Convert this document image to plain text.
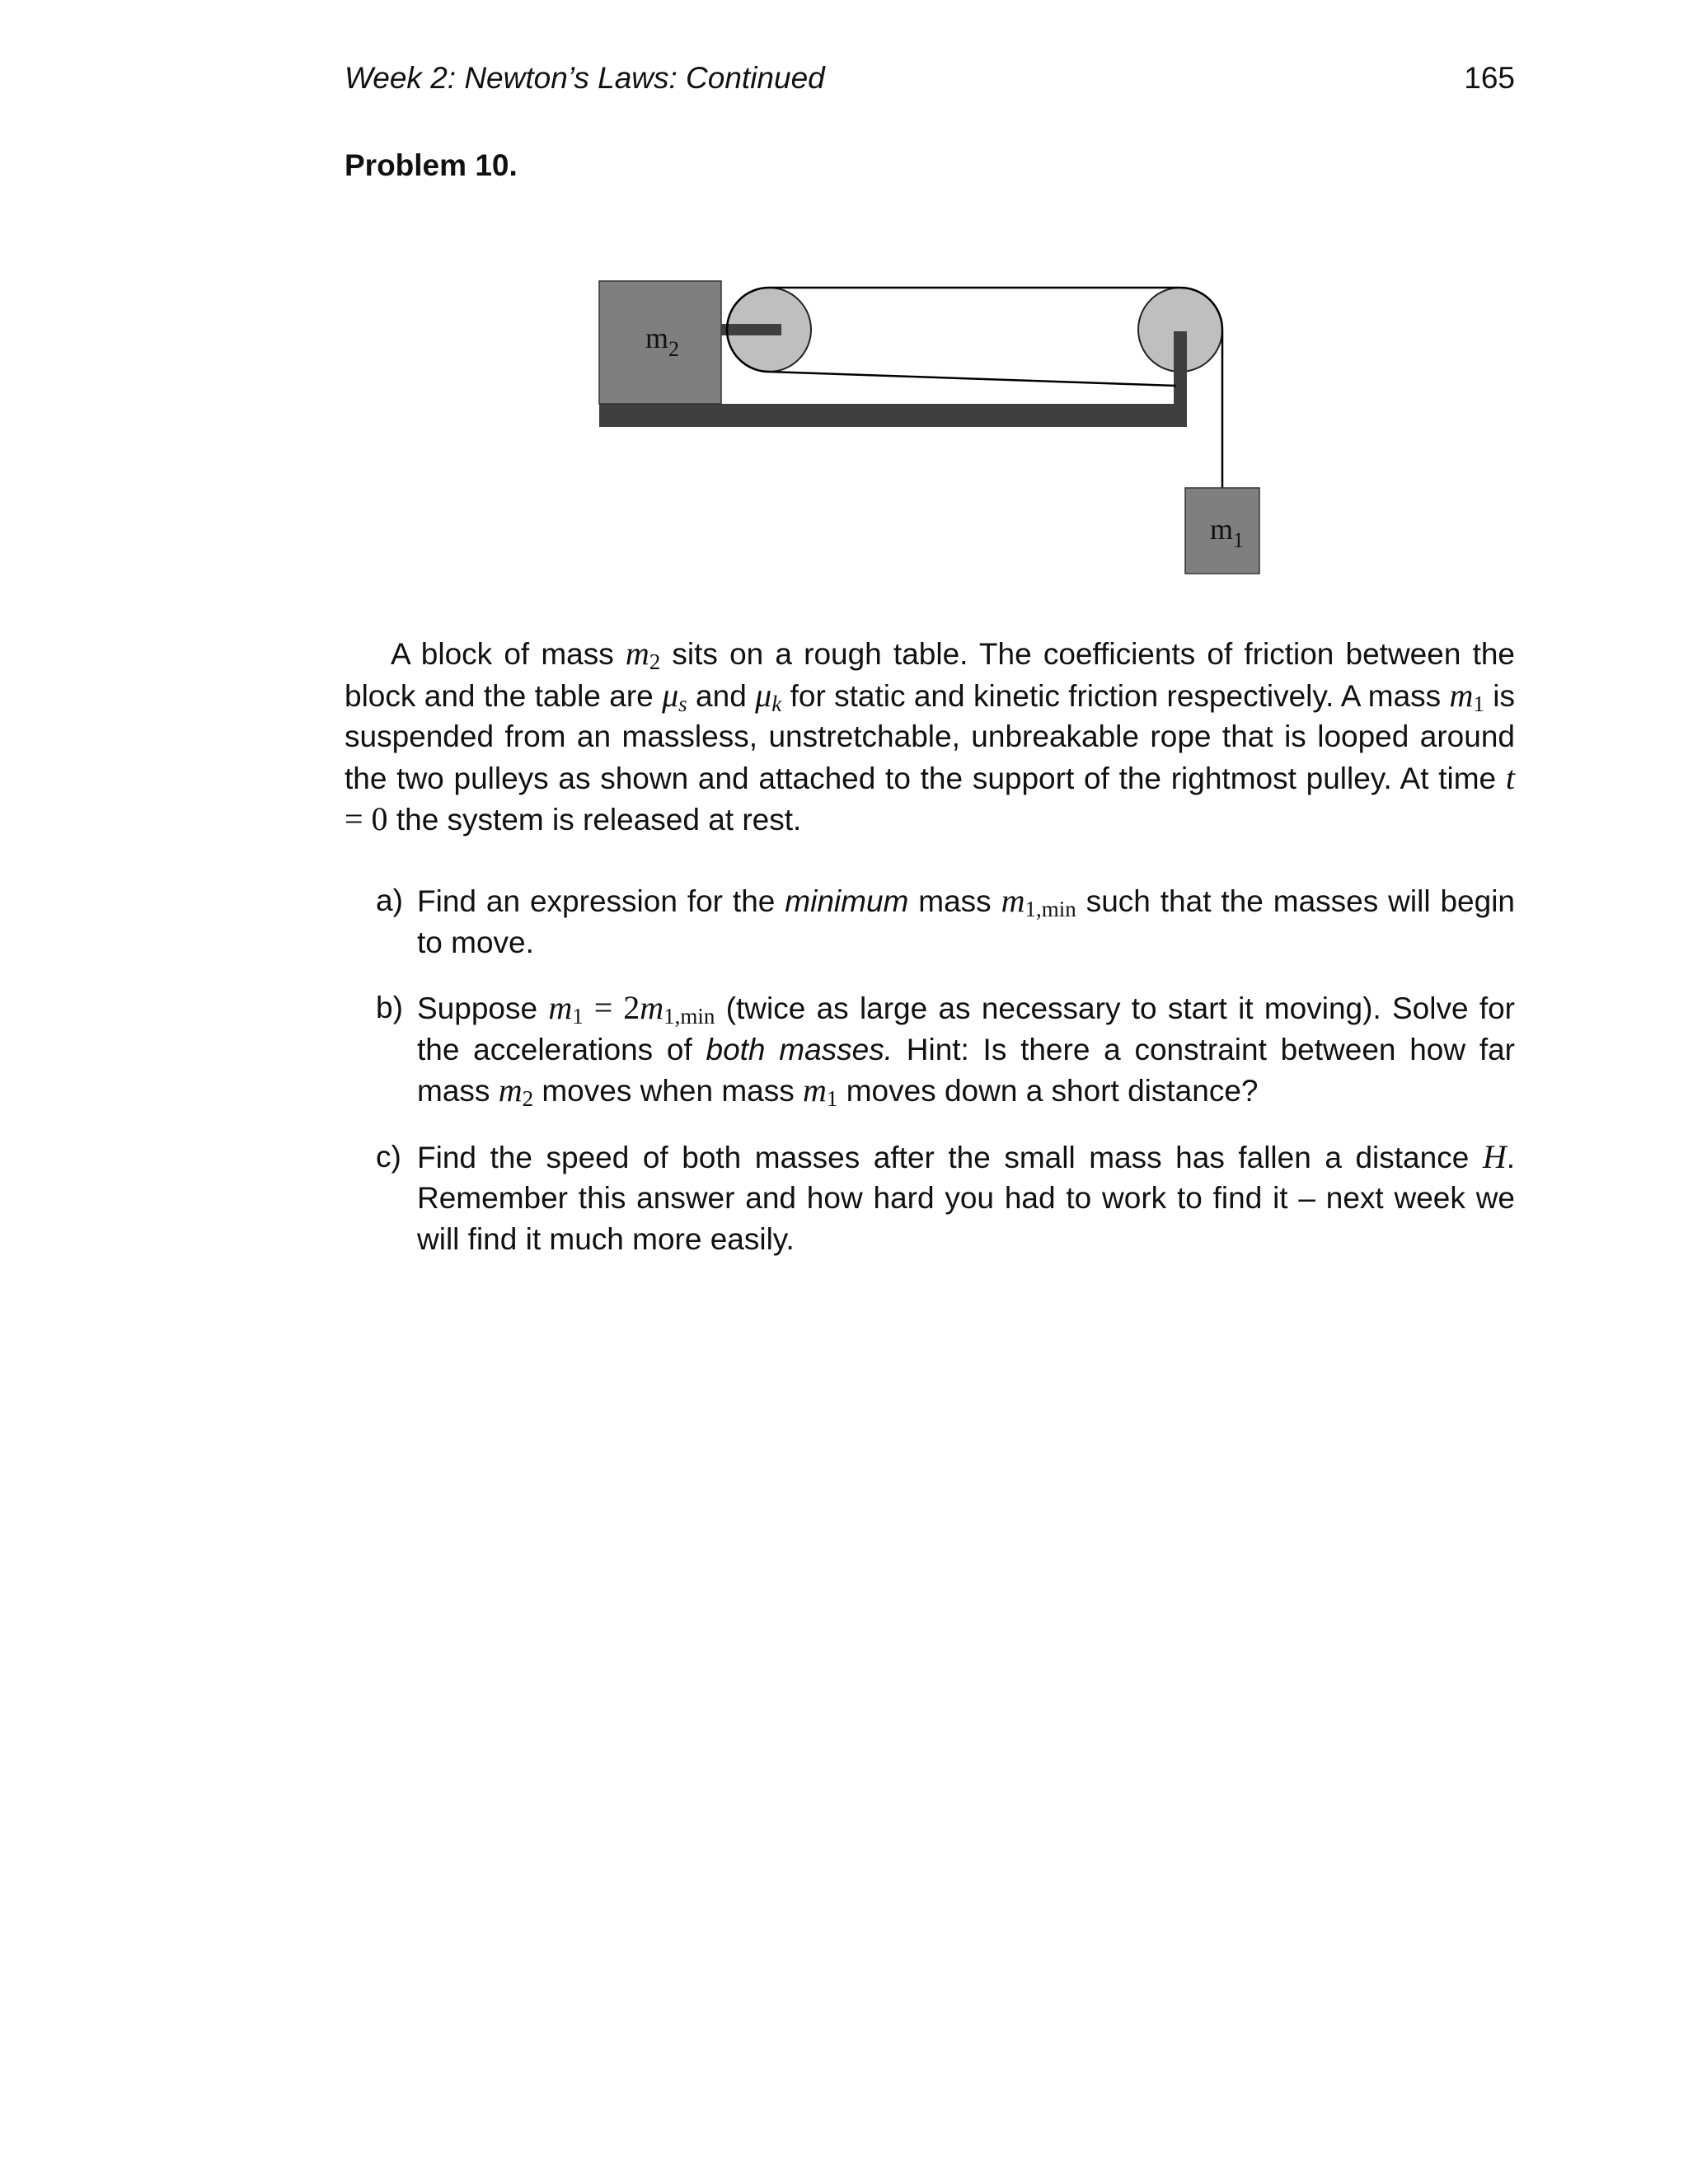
Week 2: Newton’s Laws: Continued	165
Problem 10.
$m_2$
$m_1$

A block of mass $m_2$ sits on a rough table. The coefficients of friction between the block and the table are $\mu_s$ and $\mu_k$ for static and kinetic friction respectively. A mass $m_1$ is suspended from an massless, unstretchable, unbreakable rope that is looped around the two pulleys as shown and attached to the support of the rightmost pulley. At time t = 0 the system is released at rest.

a) Find an expression for the minimum mass $m_{1,min}$ such that the masses will begin to move.
b) Suppose $m_1 = 2m_{1,min}$ (twice as large as necessary to start it moving). Solve for the accelerations of both masses. Hint: Is there a constraint between how far mass $m_2$ moves when mass $m_1$ moves down a short distance?
c) Find the speed of both masses after the small mass has fallen a distance H. Remember this answer and how hard you had to work to find it – next week we will find it much more easily.
